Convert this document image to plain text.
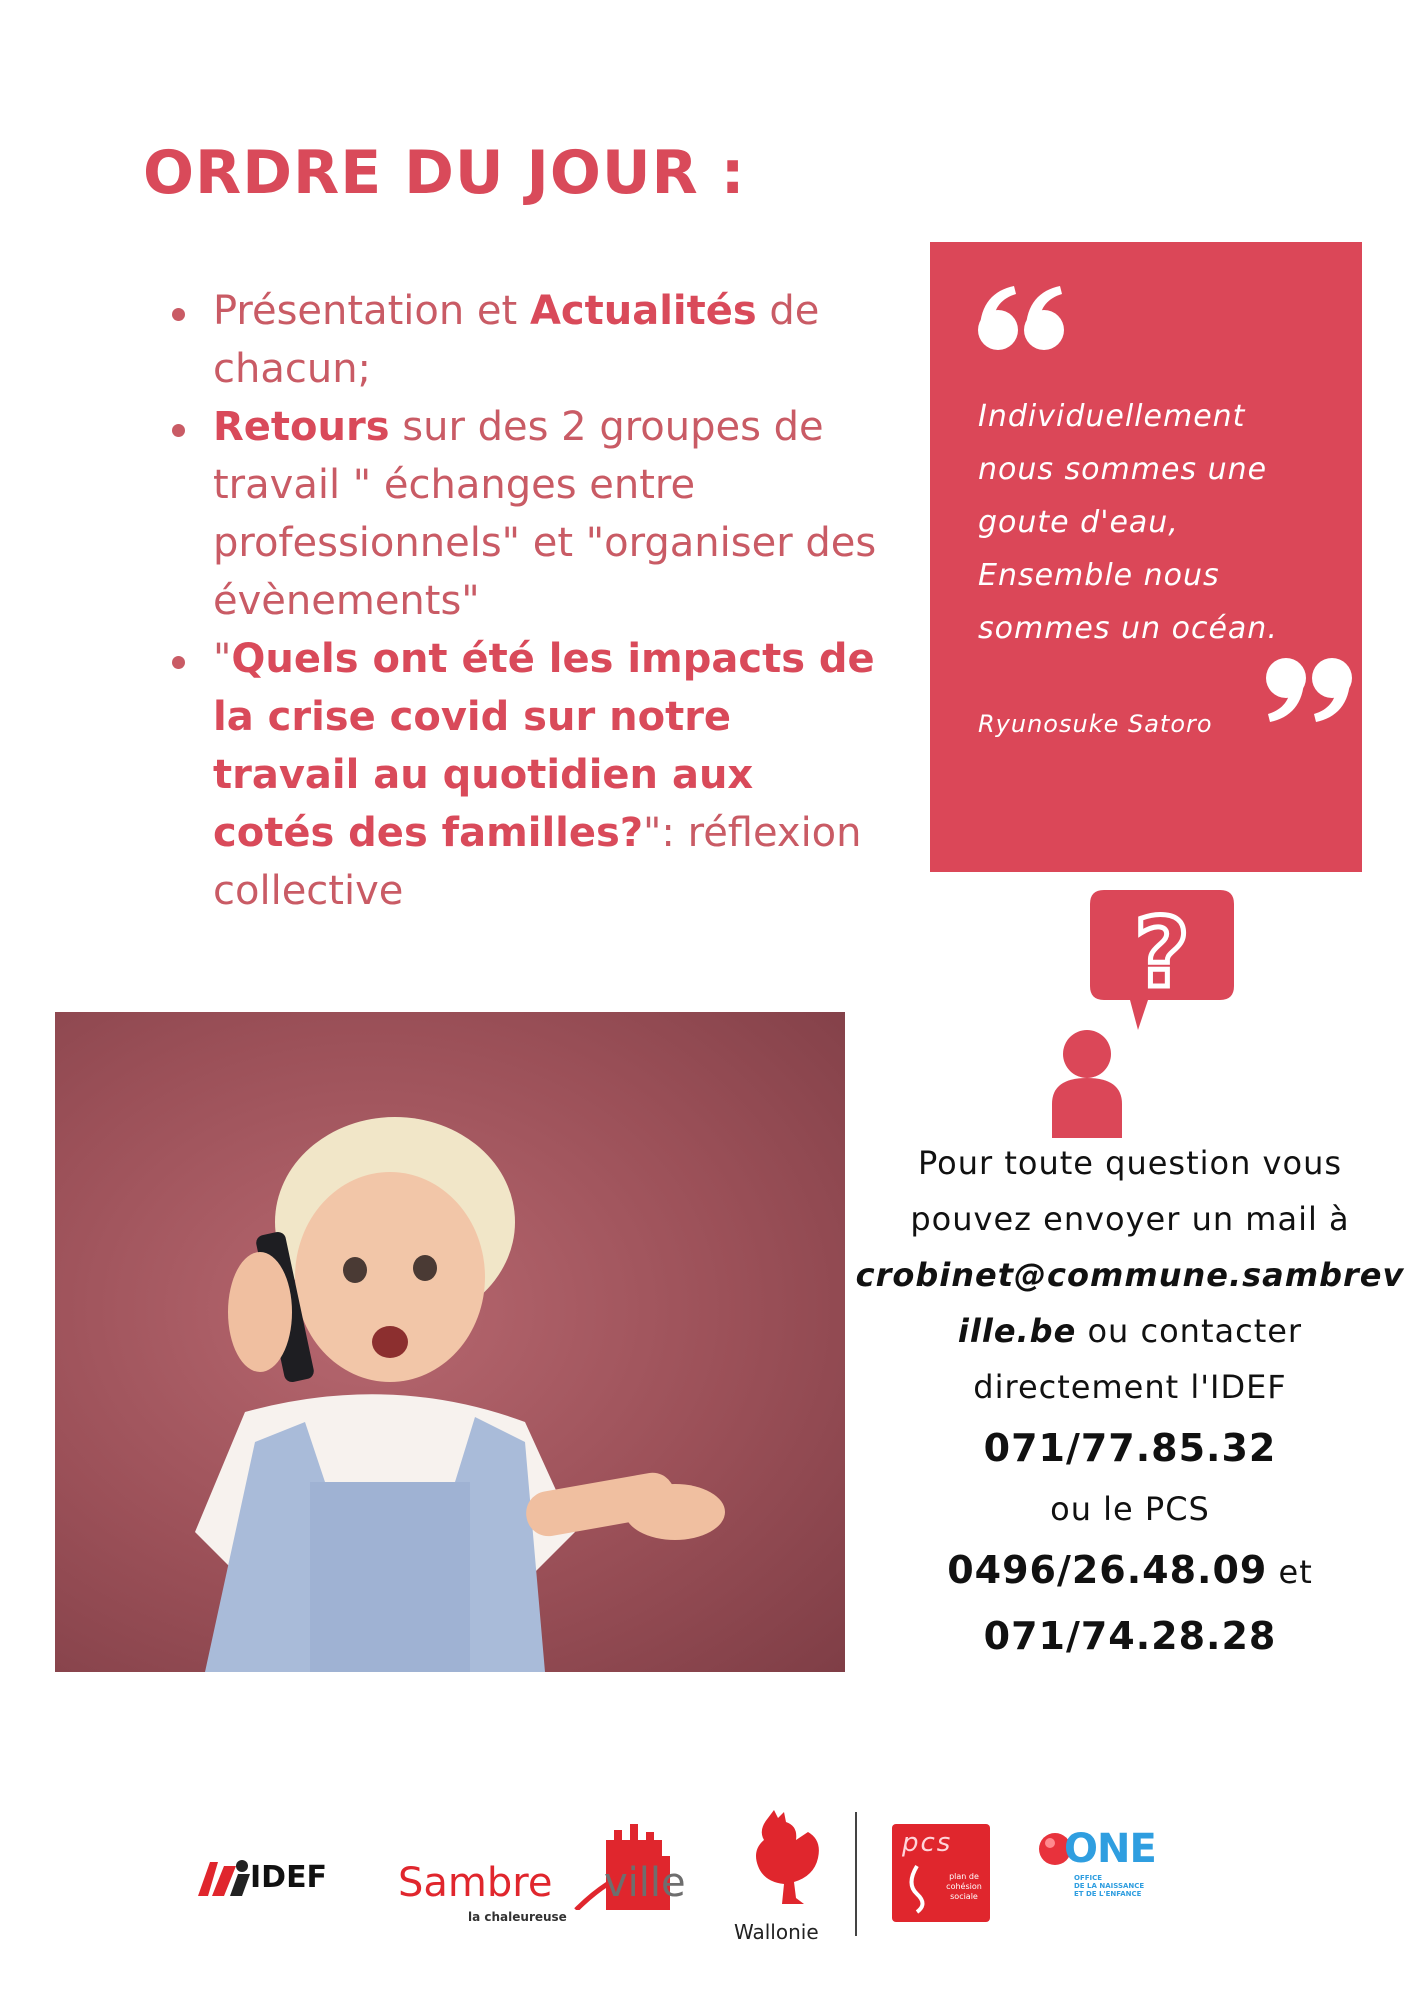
ORDRE DU JOUR :
Présentation et Actualités de chacun;
Retours sur des 2 groupes de travail " échanges entre professionnels" et "organiser des évènements"
"Quels ont été les impacts de la crise covid sur notre travail au quotidien aux cotés des familles?": réflexion collective
Individuellement
nous sommes une
goute d'eau,
Ensemble nous
sommes un océan.
Ryunosuke Satoro
?
Pour toute question vous pouvez envoyer un mail à
crobinet@commune.sambreville.be ou contacter directement l'IDEF
071/77.85.32
ou le PCS
0496/26.48.09 et
071/74.28.28
IDEF Sambre ville
la chaleureuse
Wallonie
pcs
plan de cohésion sociale
ONE
OFFICE
DE LA NAISSANCE
ET DE L'ENFANCE
